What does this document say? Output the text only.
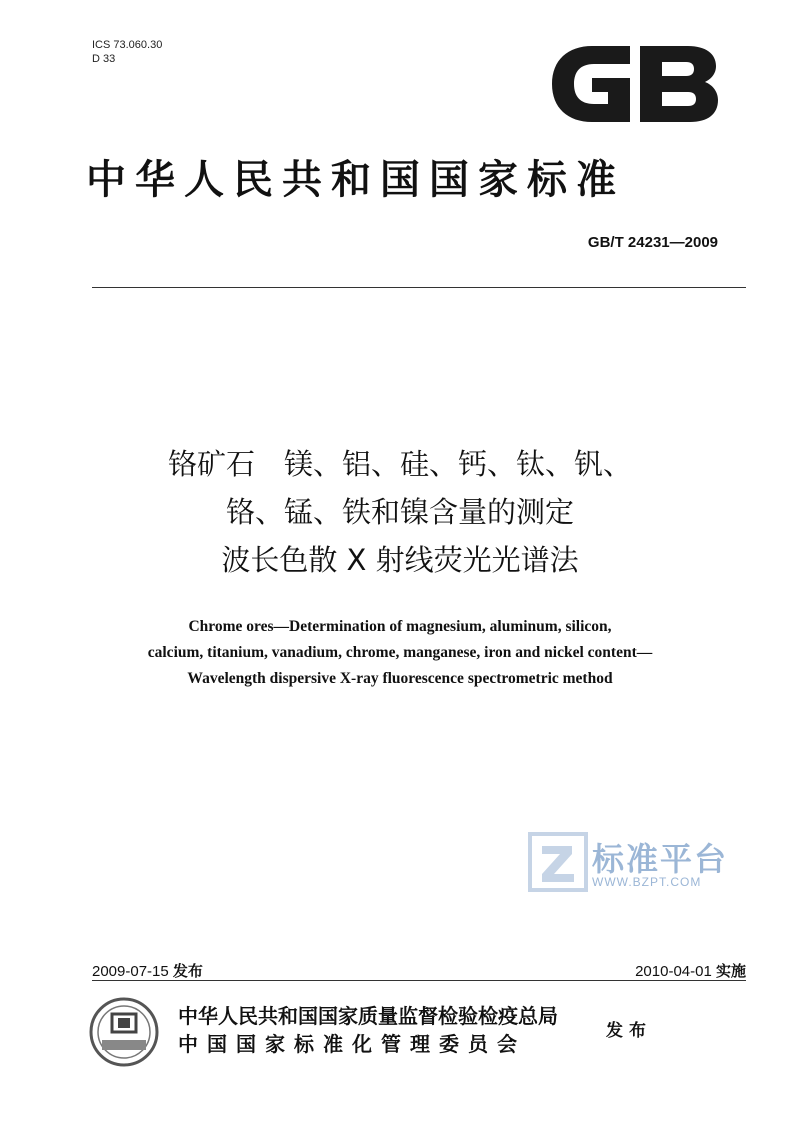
ICS 73.060.30
D 33
中华人民共和国国家标准
GB/T 24231—2009
铬矿石　镁、铝、硅、钙、钛、钒、
铬、锰、铁和镍含量的测定
波长色散 X 射线荧光光谱法
Chrome ores—Determination of magnesium, aluminum, silicon,
calcium, titanium, vanadium, chrome, manganese, iron and nickel content—
Wavelength dispersive X-ray fluorescence spectrometric method
标准平台
WWW.BZPT.COM
2009-07-15 发布	2010-04-01 实施
中华人民共和国国家质量监督检验检疫总局
中国国家标准化管理委员会
发布
